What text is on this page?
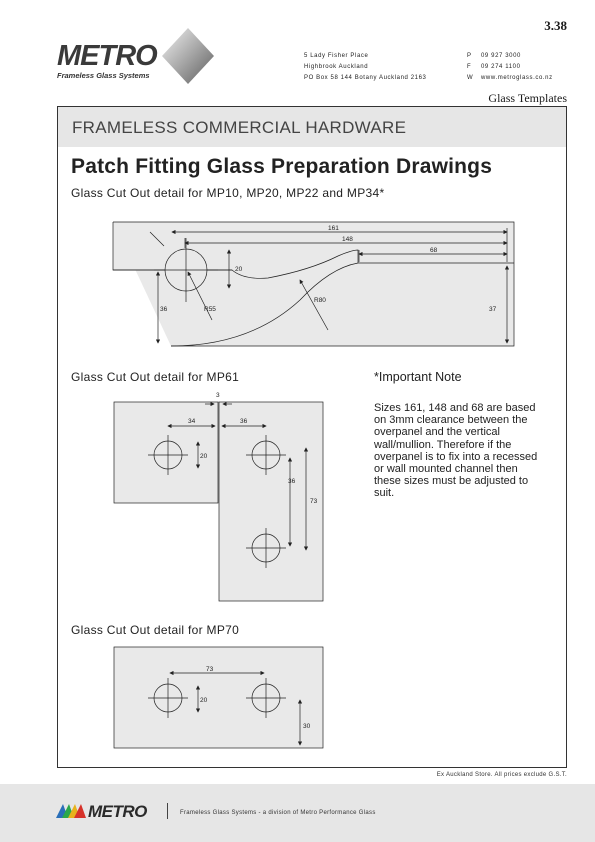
3.38
METRO
Frameless Glass Systems
5 Lady Fisher Place
Highbrook Auckland
PO Box 58 144 Botany Auckland 2163
P 09 927 3000
F 09 274 1100
W www.metroglass.co.nz
Glass Templates
FRAMELESS COMMERCIAL HARDWARE
Patch Fitting Glass Preparation Drawings
Glass Cut Out detail for MP10, MP20, MP22 and MP34*
Glass Cut Out detail for MP61
Glass Cut Out detail for MP70
*Important Note
Sizes 161, 148 and 68 are based on 3mm clearance between the overpanel and the vertical wall/mullion. Therefore if the overpanel is to fix into a recessed or wall mounted channel then these sizes must be adjusted to suit.
161
148
68
20
36	R55
R80
37
3
34	36
20
36
73
73
20
30
Ex Auckland Store. All prices exclude G.S.T.
METRO	Frameless Glass Systems - a division of Metro Performance Glass
